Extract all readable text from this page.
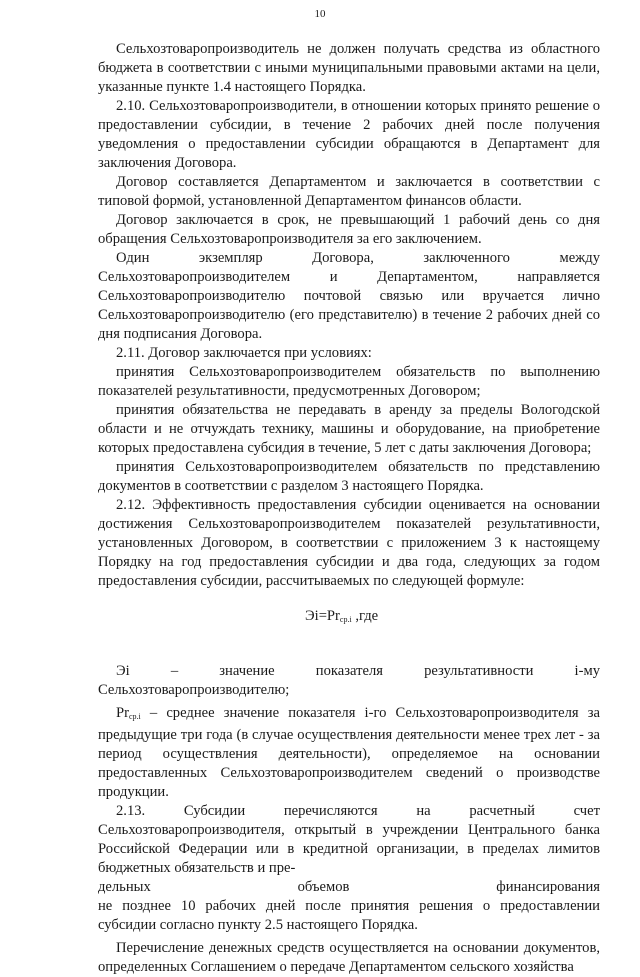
10

Сельхозтоваропроизводитель не должен получать средства из областного бюджета в соответствии с иными муниципальными правовыми актами на цели, указанные пункте 1.4 настоящего Порядка.

2.10. Сельхозтоваропроизводители, в отношении которых принято решение о предоставлении субсидии, в течение 2 рабочих дней после получения уведомления о предоставлении субсидии обращаются в Департамент для заключения Договора.

Договор составляется Департаментом и заключается в соответствии с типовой формой, установленной Департаментом финансов области.

Договор заключается в срок, не превышающий 1 рабочий день со дня обращения Сельхозтоваропроизводителя за его заключением.

Один экземпляр Договора, заключенного между Сельхозтоваропроизводителем и Департаментом, направляется Сельхозтоваропроизводителю почтовой связью или вручается лично Сельхозтоваропроизводителю (его представителю) в течение 2 рабочих дней со дня подписания Договора.

2.11. Договор заключается при условиях:

принятия Сельхозтоваропроизводителем обязательств по выполнению показателей результативности, предусмотренных Договором;

принятия обязательства не передавать в аренду за пределы Вологодской области и не отчуждать технику, машины и оборудование, на приобретение которых предоставлена субсидия в течение, 5 лет с даты заключения Договора;

принятия Сельхозтоваропроизводителем обязательств по представлению документов в соответствии с разделом 3 настоящего Порядка.

2.12. Эффективность предоставления субсидии оценивается на основании достижения Сельхозтоваропроизводителем показателей результативности, установленных Договором, в соответствии с приложением 3 к настоящему Порядку на год предоставления субсидии и два года, следующих за годом предоставления субсидии, рассчитываемых по следующей формуле:

$Эi=Pr_{ср.i}$ ,где

Эi – значение показателя результативности i-му Сельхозтоваропроизводителю;

$Pr_{ср.i}$ – среднее значение показателя i-го Сельхозтоваропроизводителя за предыдущие три года (в случае осуществления деятельности менее трех лет - за период осуществления деятельности), определяемое на основании предоставленных Сельхозтоваропроизводителем сведений о производстве продукции.

2.13. Субсидии перечисляются на расчетный счет Сельхозтоваропроизводителя, открытый в учреждении Центрального банка Российской Федерации или в кредитной организации, в пределах лимитов бюджетных обязательств и пре-

дельных	объемов	финансирования

не позднее 10 рабочих дней после принятия решения о предоставлении субсидии согласно пункту 2.5 настоящего Порядка.

Перечисление денежных средств осуществляется на основании документов, определенных Соглашением о передаче Департаментом сельского хозяйства
